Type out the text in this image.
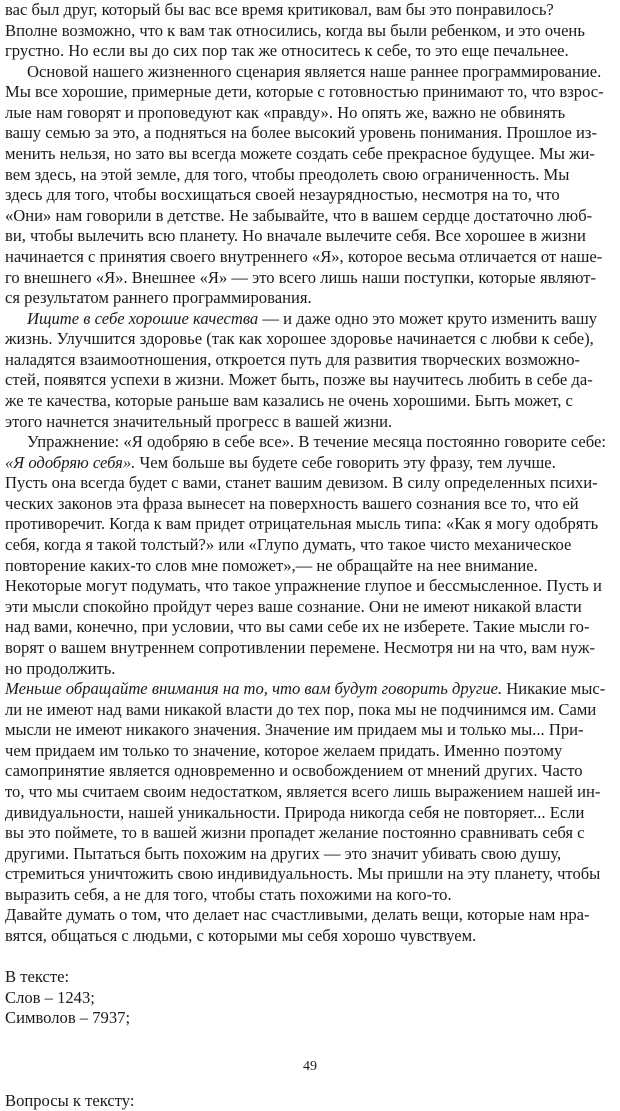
вас был друг, который бы вас все время критиковал, вам бы это понравилось?
Вполне возможно, что к вам так относились, когда вы были ребенком, и это очень
грустно. Но если вы до сих пор так же относитесь к себе, то это еще печальнее.
Основой нашего жизненного сценария является наше раннее программирование.
Мы все хорошие, примерные дети, которые с готовностью принимают то, что взрос-
лые нам говорят и проповедуют как «правду». Но опять же, важно не обвинять
вашу семью за это, а подняться на более высокий уровень понимания. Прошлое из-
менить нельзя, но зато вы всегда можете создать себе прекрасное будущее. Мы жи-
вем здесь, на этой земле, для того, чтобы преодолеть свою ограниченность. Мы
здесь для того, чтобы восхищаться своей незаурядностью, несмотря на то, что
«Они» нам говорили в детстве. Не забывайте, что в вашем сердце достаточно люб-
ви, чтобы вылечить всю планету. Но вначале вылечите себя. Все хорошее в жизни
начинается с принятия своего внутреннего «Я», которое весьма отличается от наше-
го внешнего «Я». Внешнее «Я» — это всего лишь наши поступки, которые являют-
ся результатом раннего программирования.
Ищите в себе хорошие качества — и даже одно это может круто изменить вашу
жизнь. Улучшится здоровье (так как хорошее здоровье начинается с любви к себе),
наладятся взаимоотношения, откроется путь для развития творческих возможно-
стей, появятся успехи в жизни. Может быть, позже вы научитесь любить в себе да-
же те качества, которые раньше вам казались не очень хорошими. Быть может, с
этого начнется значительный прогресс в вашей жизни.
Упражнение: «Я одобряю в себе все». В течение месяца постоянно говорите себе:
«Я одобряю себя». Чем больше вы будете себе говорить эту фразу, тем лучше.
Пусть она всегда будет с вами, станет вашим девизом. В силу определенных психи-
ческих законов эта фраза вынесет на поверхность вашего сознания все то, что ей
противоречит. Когда к вам придет отрицательная мысль типа: «Как я могу одобрять
себя, когда я такой толстый?» или «Глупо думать, что такое чисто механическое
повторение каких-то слов мне поможет»,— не обращайте на нее внимание.
Некоторые могут подумать, что такое упражнение глупое и бессмысленное. Пусть и
эти мысли спокойно пройдут через ваше сознание. Они не имеют никакой власти
над вами, конечно, при условии, что вы сами себе их не изберете. Такие мысли го-
ворят о вашем внутреннем сопротивлении перемене. Несмотря ни на что, вам нуж-
но продолжить.
Меньше обращайте внимания на то, что вам будут говорить другие. Никакие мыс-
ли не имеют над вами никакой власти до тех пор, пока мы не подчинимся им. Сами
мысли не имеют никакого значения. Значение им придаем мы и только мы... При-
чем придаем им только то значение, которое желаем придать. Именно поэтому
самопринятие является одновременно и освобождением от мнений других. Часто
то, что мы считаем своим недостатком, является всего лишь выражением нашей ин-
дивидуальности, нашей уникальности. Природа никогда себя не повторяет... Если
вы это поймете, то в вашей жизни пропадет желание постоянно сравнивать себя с
другими. Пытаться быть похожим на других — это значит убивать свою душу,
стремиться уничтожить свою индивидуальность. Мы пришли на эту планету, чтобы
выразить себя, а не для того, чтобы стать похожими на кого-то.
Давайте думать о том, что делает нас счастливыми, делать вещи, которые нам нра-
вятся, общаться с людьми, с которыми мы себя хорошо чувствуем.
В тексте:
Слов – 1243;
Символов – 7937;
Вопросы к тексту:
49
